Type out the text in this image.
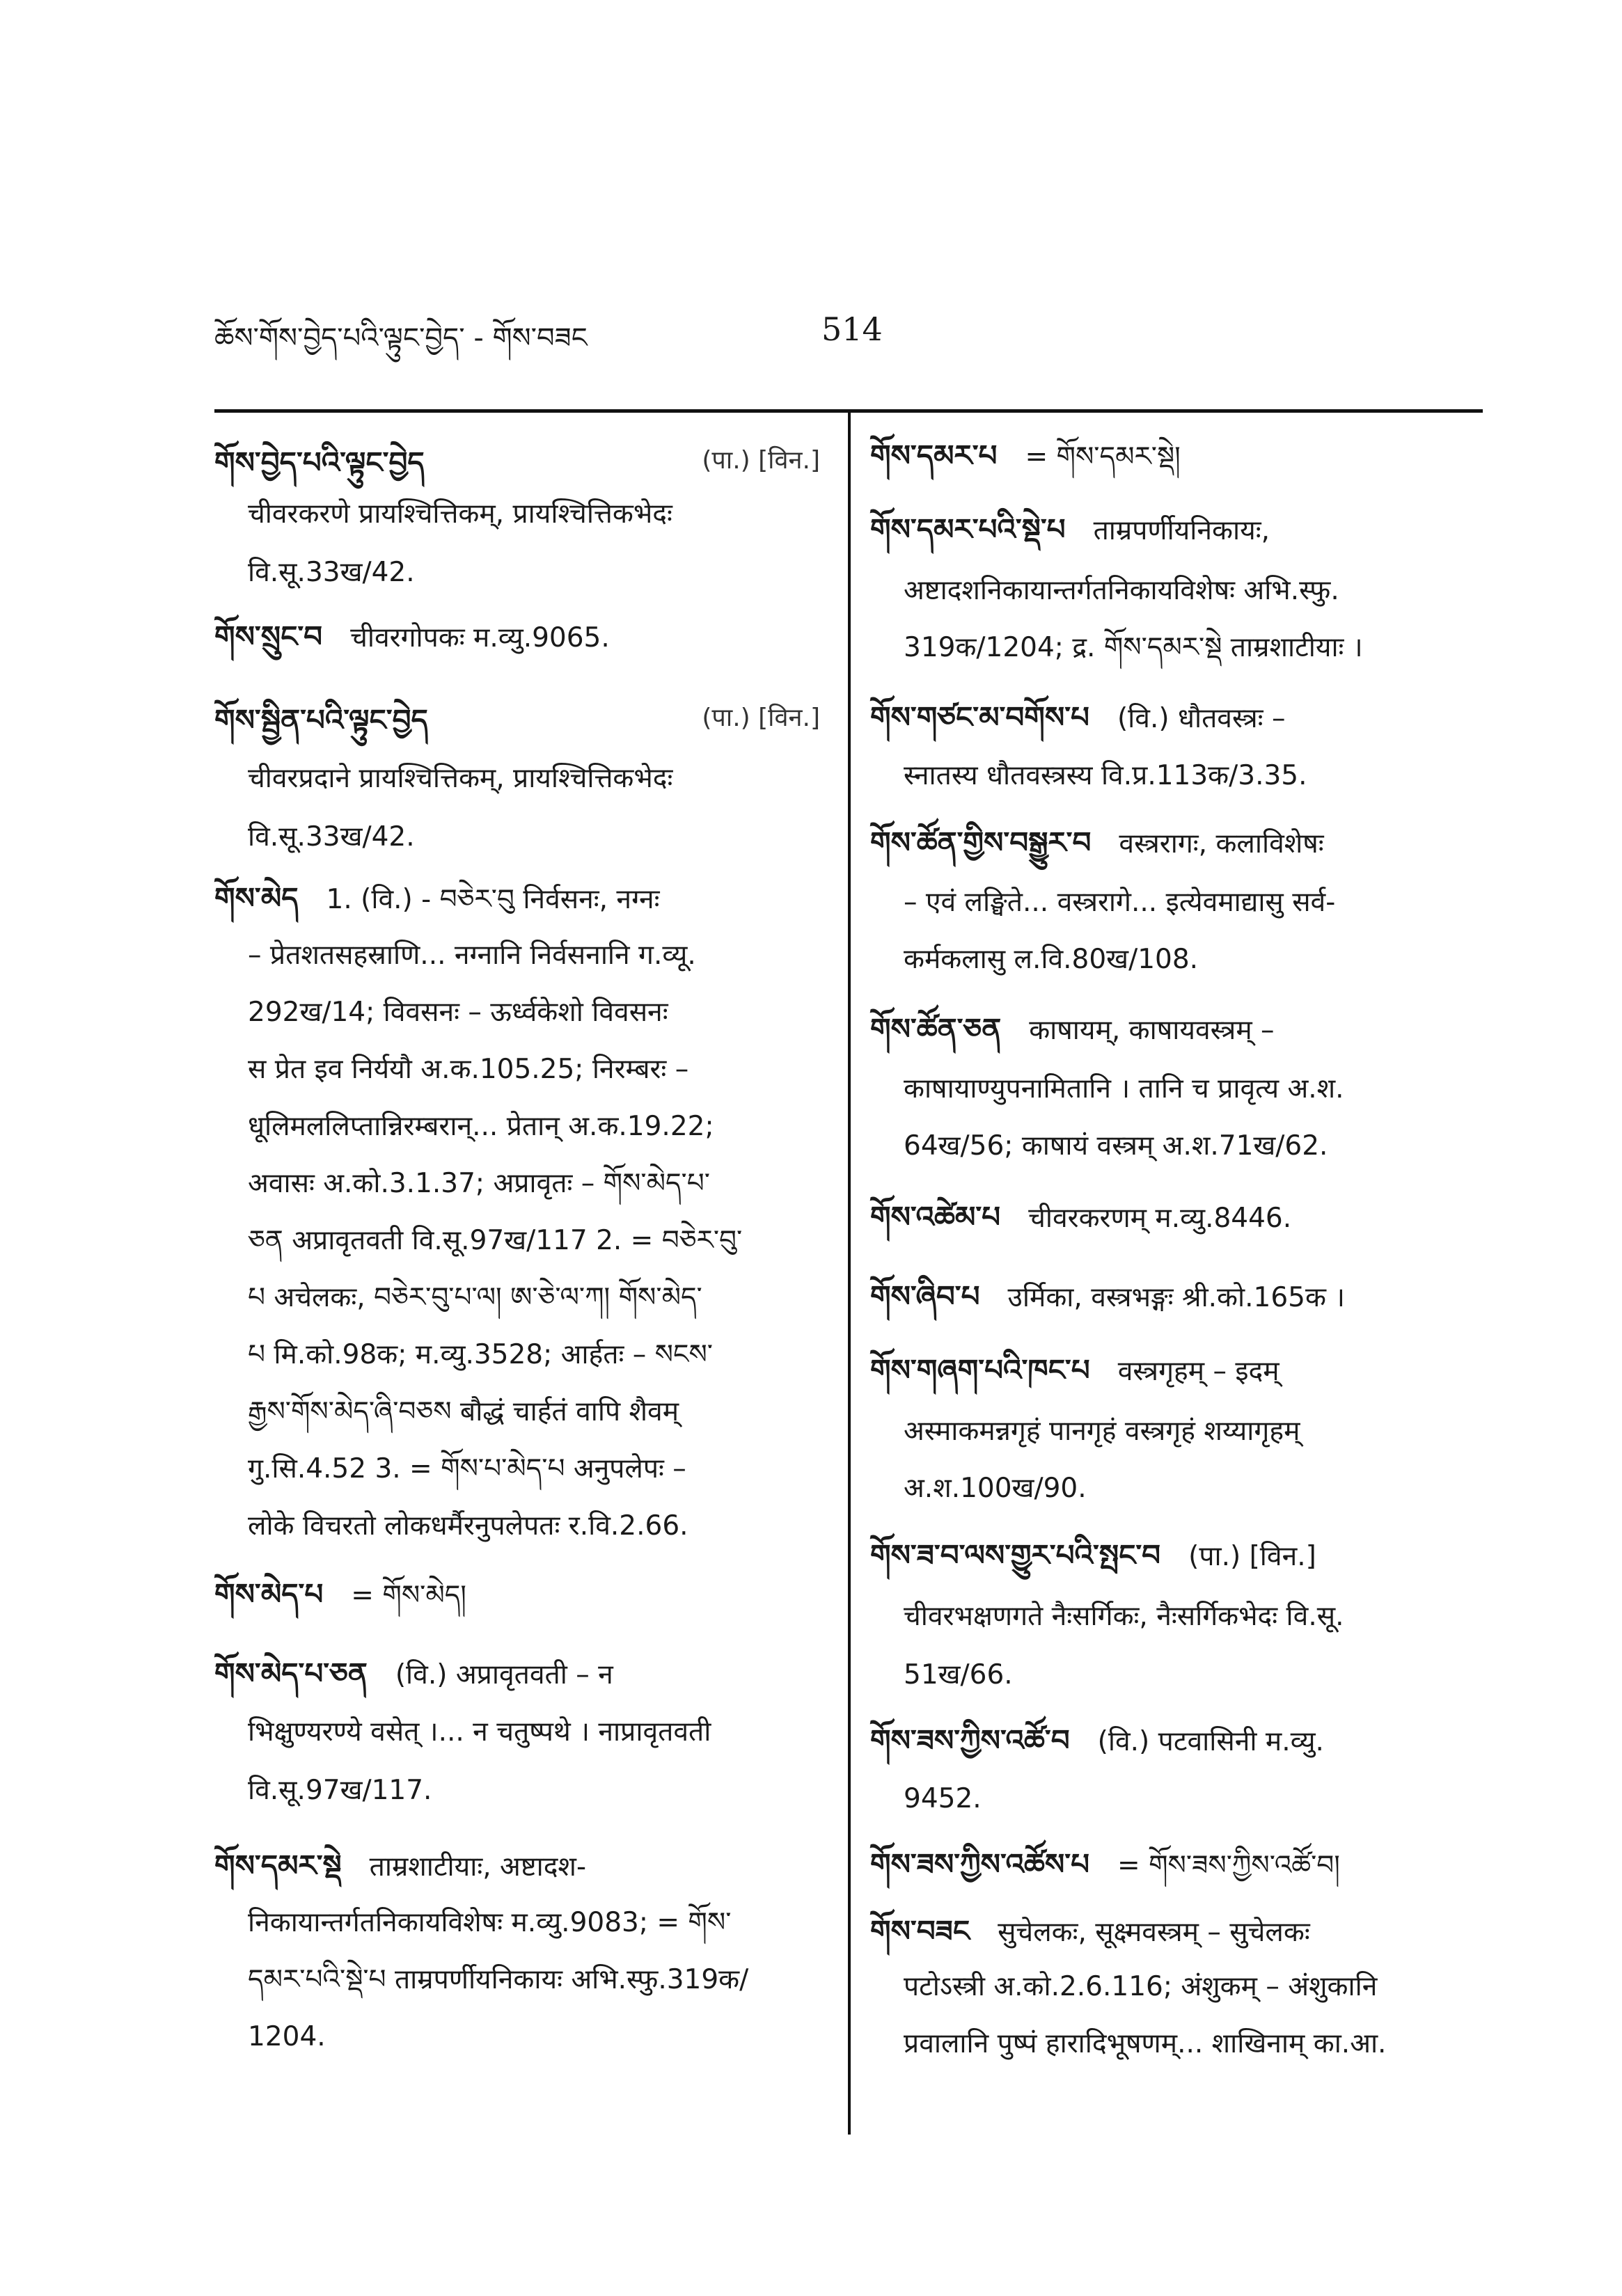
ཆོས་གོས་བྱེད་པའི་ལྟུང་བྱེད་ - གོས་བཟང	514
གོས་བྱེད་པའི་ལྟུང་བྱེད	(पा.) [विन.]
चीवरकरणे प्रायश्चित्तिकम्, प्रायश्चित्तिकभेदः
वि.सू.33ख/42.
གོས་སྲུང་བ चीवरगोपकः म.व्यु.9065.
གོས་སྦྱིན་པའི་ལྟུང་བྱེད	(पा.) [विन.]
चीवरप्रदाने प्रायश्चित्तिकम्, प्रायश्चित्तिकभेदः
वि.सू.33ख/42.
གོས་མེད 1. (वि.) - བཅེར་བུ निर्वसनः, नग्नः
– प्रेतशतसहस्राणि... नग्नानि निर्वसनानि ग.व्यू.
292ख/14; विवसनः – ऊर्ध्वकेशो विवसनः
स प्रेत इव निर्ययौ अ.क.105.25; निरम्बरः –
धूलिमललिप्तान्निरम्बरान्... प्रेतान् अ.क.19.22;
अवासः अ.को.3.1.37; अप्रावृतः – གོས་མེད་པ་
ཅན अप्रावृतवती वि.सू.97ख/117 2. = བཅེར་བུ་
པ अचेलकः, བཅེར་བུ་པ་ལ། ཨ་ཅེ་ལ་ཀ། གོས་མེད་
པ मि.को.98क; म.व्यु.3528; आर्हतः – སངས་
རྒྱས་གོས་མེད་ཞི་བཅས बौद्धं चार्हतं वापि शैवम्
गु.सि.4.52 3. = གོས་པ་མེད་པ अनुपलेपः –
लोके विचरतो लोकधर्मैरनुपलेपतः र.वि.2.66.
གོས་མེད་པ = གོས་མེད།
གོས་མེད་པ་ཅན (वि.) अप्रावृतवती – न
भिक्षुण्यरण्ये वसेत् ।... न चतुष्पथे । नाप्रावृतवती
वि.सू.97ख/117.
གོས་དམར་སྡེ ताम्रशाटीयाः, अष्टादश-
निकायान्तर्गतनिकायविशेषः म.व्यु.9083; = གོས་
དམར་པའི་སྡེ་པ ताम्रपर्णीयनिकायः अभि.स्फु.319क/
1204.
གོས་དམར་པ = གོས་དམར་སྡེ།
གོས་དམར་པའི་སྡེ་པ ताम्रपर्णीयनिकायः,
अष्टादशनिकायान्तर्गतनिकायविशेषः अभि.स्फु.
319क/1204; द्र. གོས་དམར་སྡེ ताम्रशाटीयाः ।
གོས་གཙང་མ་བགོས་པ (वि.) धौतवस्त्रः –
स्नातस्य धौतवस्त्रस्य वि.प्र.113क/3.35.
གོས་ཚོན་གྱིས་བསྒྱུར་བ वस्त्ररागः, कलाविशेषः
– एवं लङ्घिते... वस्त्ररागे... इत्येवमाद्यासु सर्व-
कर्मकलासु ल.वि.80ख/108.
གོས་ཚོན་ཅན काषायम्, काषायवस्त्रम् –
काषायाण्युपनामितानि । तानि च प्रावृत्य अ.श.
64ख/56; काषायं वस्त्रम् अ.श.71ख/62.
གོས་འཚེམ་པ चीवरकरणम् म.व्यु.8446.
གོས་ཞིབ་པ उर्मिका, वस्त्रभङ्गः श्री.को.165क ।
གོས་གཞག་པའི་ཁང་པ वस्त्रगृहम् – इदम्
अस्माकमन्नगृहं पानगृहं वस्त्रगृहं शय्यागृहम्
अ.श.100ख/90.
གོས་ཟ་བ་ལས་གྱུར་པའི་སྤང་བ (पा.) [विन.]
चीवरभक्षणगते नैःसर्गिकः, नैःसर्गिकभेदः वि.सू.
51ख/66.
གོས་ཟས་ཀྱིས་འཚོ་བ (वि.) पटवासिनी म.व्यु.
9452.
གོས་ཟས་ཀྱིས་འཚོས་པ = གོས་ཟས་ཀྱིས་འཚོ་བ།
གོས་བཟང सुचेलकः, सूक्ष्मवस्त्रम् – सुचेलकः
पटोऽस्त्री अ.को.2.6.116; अंशुकम् – अंशुकानि
प्रवालानि पुष्पं हारादिभूषणम्... शाखिनाम् का.आ.
